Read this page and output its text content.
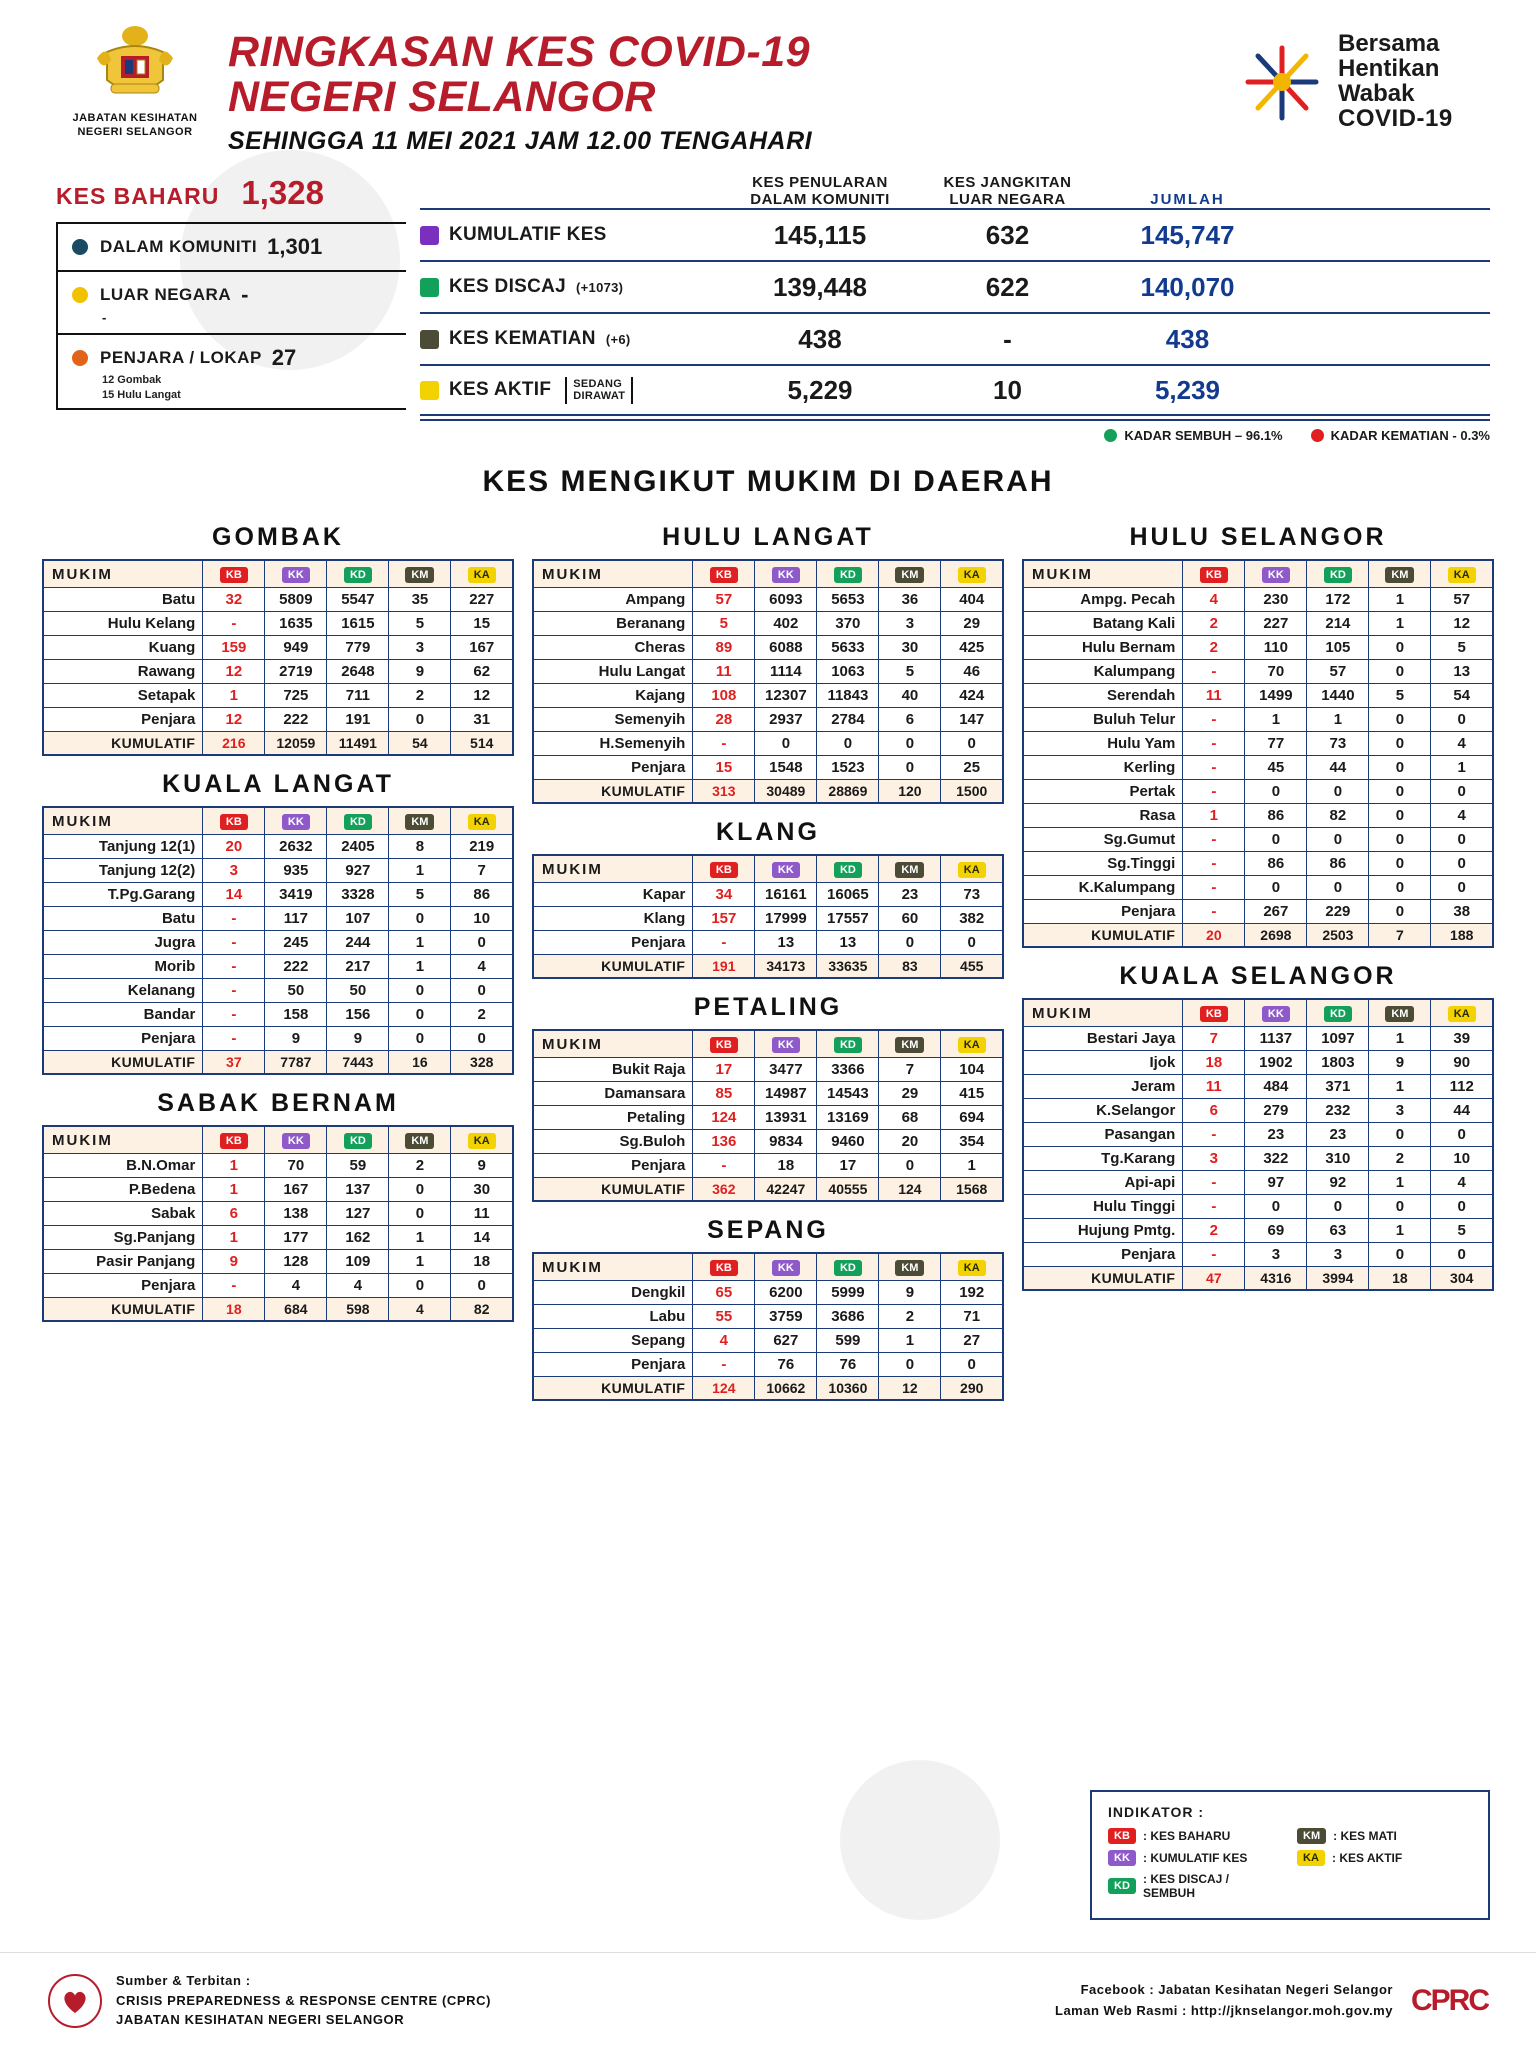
JABATAN KESIHATAN
NEGERI SELANGOR
RINGKASAN KES COVID-19
NEGERI SELANGOR
SEHINGGA 11 MEI 2021 JAM 12.00 TENGAHARI
Bersama
Hentikan
Wabak
COVID-19
KES BAHARU 1,328
DALAM KOMUNITI 1,301
LUAR NEGARA -
-
PENJARA / LOKAP 27
12 Gombak
15 Hulu Langat
KES PENULARAN
DALAM KOMUNITI
KES JANGKITAN
LUAR NEGARA	JUMLAH
KUMULATIF KES	145,115	632	145,747
KES DISCAJ (+1073)	139,448	622	140,070
KES KEMATIAN (+6)	438	-	438
KES AKTIF	SEDANG
DIRAWAT	5,229	10	5,239
KADAR SEMBUH – 96.1%	KADAR KEMATIAN - 0.3%
KES MENGIKUT MUKIM DI DAERAH
GOMBAK
MUKIM	KB	KK	KD	KM	KA
Batu	32	5809	5547	35	227
Hulu Kelang	-	1635	1615	5	15
Kuang	159	949	779	3	167
Rawang	12	2719	2648	9	62
Setapak	1	725	711	2	12
Penjara	12	222	191	0	31
KUMULATIF	216	12059	11491	54	514
KUALA LANGAT
MUKIM	KB	KK	KD	KM	KA
Tanjung 12(1)	20	2632	2405	8	219
Tanjung 12(2)	3	935	927	1	7
T.Pg.Garang	14	3419	3328	5	86
Batu	-	117	107	0	10
Jugra	-	245	244	1	0
Morib	-	222	217	1	4
Kelanang	-	50	50	0	0
Bandar	-	158	156	0	2
Penjara	-	9	9	0	0
KUMULATIF	37	7787	7443	16	328
SABAK BERNAM
MUKIM	KB	KK	KD	KM	KA
B.N.Omar	1	70	59	2	9
P.Bedena	1	167	137	0	30
Sabak	6	138	127	0	11
Sg.Panjang	1	177	162	1	14
Pasir Panjang	9	128	109	1	18
Penjara	-	4	4	0	0
KUMULATIF	18	684	598	4	82
HULU LANGAT
MUKIM	KB	KK	KD	KM	KA
Ampang	57	6093	5653	36	404
Beranang	5	402	370	3	29
Cheras	89	6088	5633	30	425
Hulu Langat	11	1114	1063	5	46
Kajang	108	12307	11843	40	424
Semenyih	28	2937	2784	6	147
H.Semenyih	-	0	0	0	0
Penjara	15	1548	1523	0	25
KUMULATIF	313	30489	28869	120	1500
KLANG
MUKIM	KB	KK	KD	KM	KA
Kapar	34	16161	16065	23	73
Klang	157	17999	17557	60	382
Penjara	-	13	13	0	0
KUMULATIF	191	34173	33635	83	455
PETALING
MUKIM	KB	KK	KD	KM	KA
Bukit Raja	17	3477	3366	7	104
Damansara	85	14987	14543	29	415
Petaling	124	13931	13169	68	694
Sg.Buloh	136	9834	9460	20	354
Penjara	-	18	17	0	1
KUMULATIF	362	42247	40555	124	1568
SEPANG
MUKIM	KB	KK	KD	KM	KA
Dengkil	65	6200	5999	9	192
Labu	55	3759	3686	2	71
Sepang	4	627	599	1	27
Penjara	-	76	76	0	0
KUMULATIF	124	10662	10360	12	290
HULU SELANGOR
MUKIM	KB	KK	KD	KM	KA
Ampg. Pecah	4	230	172	1	57
Batang Kali	2	227	214	1	12
Hulu Bernam	2	110	105	0	5
Kalumpang	-	70	57	0	13
Serendah	11	1499	1440	5	54
Buluh Telur	-	1	1	0	0
Hulu Yam	-	77	73	0	4
Kerling	-	45	44	0	1
Pertak	-	0	0	0	0
Rasa	1	86	82	0	4
Sg.Gumut	-	0	0	0	0
Sg.Tinggi	-	86	86	0	0
K.Kalumpang	-	0	0	0	0
Penjara	-	267	229	0	38
KUMULATIF	20	2698	2503	7	188
KUALA SELANGOR
MUKIM	KB	KK	KD	KM	KA
Bestari Jaya	7	1137	1097	1	39
Ijok	18	1902	1803	9	90
Jeram	11	484	371	1	112
K.Selangor	6	279	232	3	44
Pasangan	-	23	23	0	0
Tg.Karang	3	322	310	2	10
Api-api	-	97	92	1	4
Hulu Tinggi	-	0	0	0	0
Hujung Pmtg.	2	69	63	1	5
Penjara	-	3	3	0	0
KUMULATIF	47	4316	3994	18	304
INDIKATOR :
KB	: KES BAHARU
KK	: KUMULATIF KES
KD	: KES DISCAJ / SEMBUH
KM	: KES MATI
KA	: KES AKTIF
Sumber & Terbitan :
CRISIS PREPAREDNESS & RESPONSE CENTRE (CPRC)
JABATAN KESIHATAN NEGERI SELANGOR
Facebook : Jabatan Kesihatan Negeri Selangor
Laman Web Rasmi : http://jknselangor.moh.gov.my CPRC
